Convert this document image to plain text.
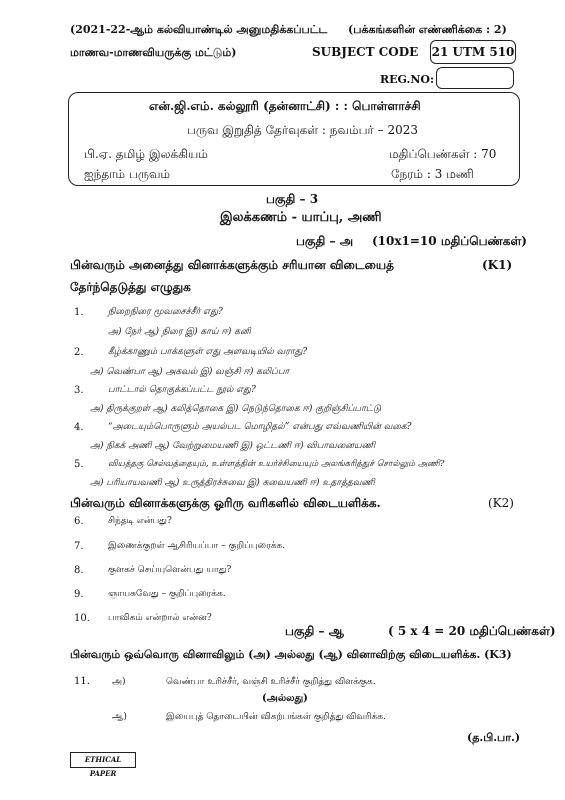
(2021-22-ஆம் கல்வியாண்டில் அனுமதிக்கப்பட்ட (பக்கங்களின் எண்ணிக்கை : 2)
மாணவ-மாணவியருக்கு மட்டும்)	SUBJECT CODE 21 UTM 510
REG.NO:
என்.ஜி.எம். கல்லூரி (தன்னாட்சி) : : பொள்ளாச்சி
பருவ இறுதித் தேர்வுகள் : நவம்பர் – 2023
பி.ஏ. தமிழ் இலக்கியம்	மதிப்பெண்கள் : 70
ஐந்தாம் பருவம்	நேரம் : 3 மணி
பகுதி – 3
இலக்கணம் - யாப்பு, அணி
பகுதி – அ (10x1=10 மதிப்பெண்கள்)
பின்வரும் அனைத்து வினாக்களுக்கும் சரியான விடையைத்	(K1)
தேர்ந்தெடுத்து எழுதுக
1.	நிறைநிரை மூவசைச்சீர் எது?
அ) நேர் ஆ) நிரை இ) காய் ஈ) கனி
2.	கீழ்க்காணும் பாக்களுள் எது அளவடியில் வராது?
அ) வெண்பா ஆ) அகவல் இ) வஞ்சி ஈ) கலிப்பா
3.	பாட்டால் தொகுக்கப்பட்ட நூல் எது?
அ) திருக்குறள் ஆ) கலித்தொகை இ) நெடுந்தொகை ஈ) குறிஞ்சிப்பாட்டு
4.	“அடையும்பொருளும் அயல்பட மொழிதல்” என்பது எவ்வணியின் வகை?
அ) நிகக் அணி ஆ) வேற்றுமையணி இ) ஒட்டணி ஈ) விபாவனையணி
5.	வியத்தகு செல்வத்தையும், உள்ளத்தின் உயர்ச்சியையும் அலங்கரித்துச் சொல்லும் அணி?
அ) பரியாயவணி ஆ) உருத்திரச்சுவை இ) சுவையணி ஈ) உதாத்தவணி
பின்வரும் வினாக்களுக்கு ஓரிரு வரிகளில் விடையளிக்க.	(K2)
6.	சிந்தடி என்பது?
7.	இணைக்குறள் ஆசிரியப்பா – குறிப்புரைக்க.
8.	குளகச் செய்யுளென்பது யாது?
9.	ஞாயசுவேது – குறிப்புரைக்க.
10. பாவிகம் என்றால் என்ன?
பகுதி – ஆ	( 5 x 4 = 20 மதிப்பெண்கள்)
பின்வரும் ஒவ்வொரு வினாவிலும் (அ) அல்லது (ஆ) வினாவிற்கு விடையளிக்க. (K3)
11. அ)	வெண்பா உரிச்சீர், வஞ்சி உரிச்சீர் குறித்து விளக்குக.
(அல்லது)
ஆ)	இயைபுத் தொடையின் விகற்பங்கள் குறித்து விவரிக்க.
(த.பி.பா.)
ETHICAL PAPER
